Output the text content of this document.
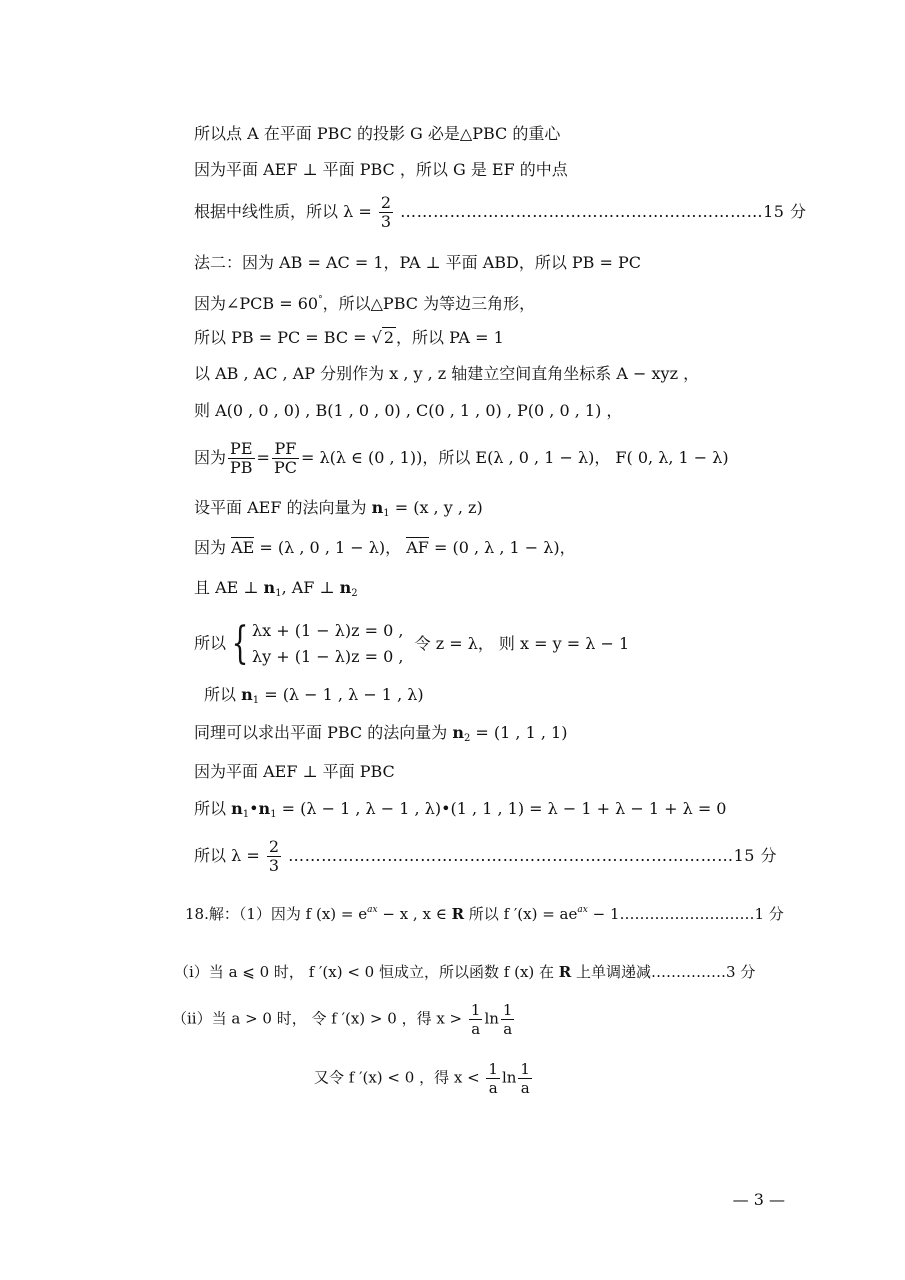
所以点 A 在平面 PBC 的投影 G 必是△PBC 的重心
因为平面 AEF ⊥ 平面 PBC ，所以 G 是 EF 的中点
根据中线性质，所以 $\lambda = \frac{2}{3}$ …………………………………………………………15 分
法二：因为 AB = AC = 1，PA ⊥ 平面 ABD，所以 PB = PC
因为∠PCB = 60°，所以△PBC 为等边三角形，
所以 PB = PC = BC = √ 2 ，所以 PA = 1
以 AB , AC , AP 分别作为 x , y , z 轴建立空间直角坐标系 A − xyz ，
则 A(0 , 0 , 0) , B(1 , 0 , 0) , C(0 , 1 , 0) , P(0 , 0 , 1) ，
因为 $\frac{PE}{PB} = \frac{PF}{PC} = \lambda(\lambda$ ∈ (0 , 1))，所以 E(λ , 0 , 1 − λ)， F( 0, λ, 1 − λ)
设平面 AEF 的法向量为 $n_1 = (x$ , y , z)
因为 AE = (λ , 0 , 1 − λ)， AF = (0 , λ , 1 − λ)，
且 AE ⊥ $n_1$, AF ⊥ $n_2$
所以 { λx + (1 − λ)z = 0 ,
λy + (1 − λ)z = 0 ,
令 z = λ， 则 x = y = λ − 1
所以 $n_1 = (\lambda - 1$ , λ − 1 , λ)
同理可以求出平面 PBC 的法向量为 $n_2 = (1$ , 1 , 1)
因为平面 AEF ⊥ 平面 PBC
所以 $n_1•n_1 = (\lambda - 1$ , λ − 1 , λ)•(1 , 1 , 1) = λ − 1 + λ − 1 + λ = 0
所以 $\lambda = \frac{2}{3}$ ………………………………………………………………………15 分
18.解：（1）因为 f $(x) = e^{ax} - x$ , x ∈ R 所以 f $'(x) = ae^{ax}$ − 1………………………1 分
（i）当 a ⩽ 0 时， f ′(x) < 0 恒成立，所以函数 f (x) 在 R 上单调递减……………3 分
（ii）当 a > 0 时， 令 f ′(x) > 0 ，得 $x > \frac{1}{a}$ $\ln \frac{1}{a}$
又令 f ′(x) < 0 ，得 $x < \frac{1}{a}$ $\ln \frac{1}{a}$
— 3 —
